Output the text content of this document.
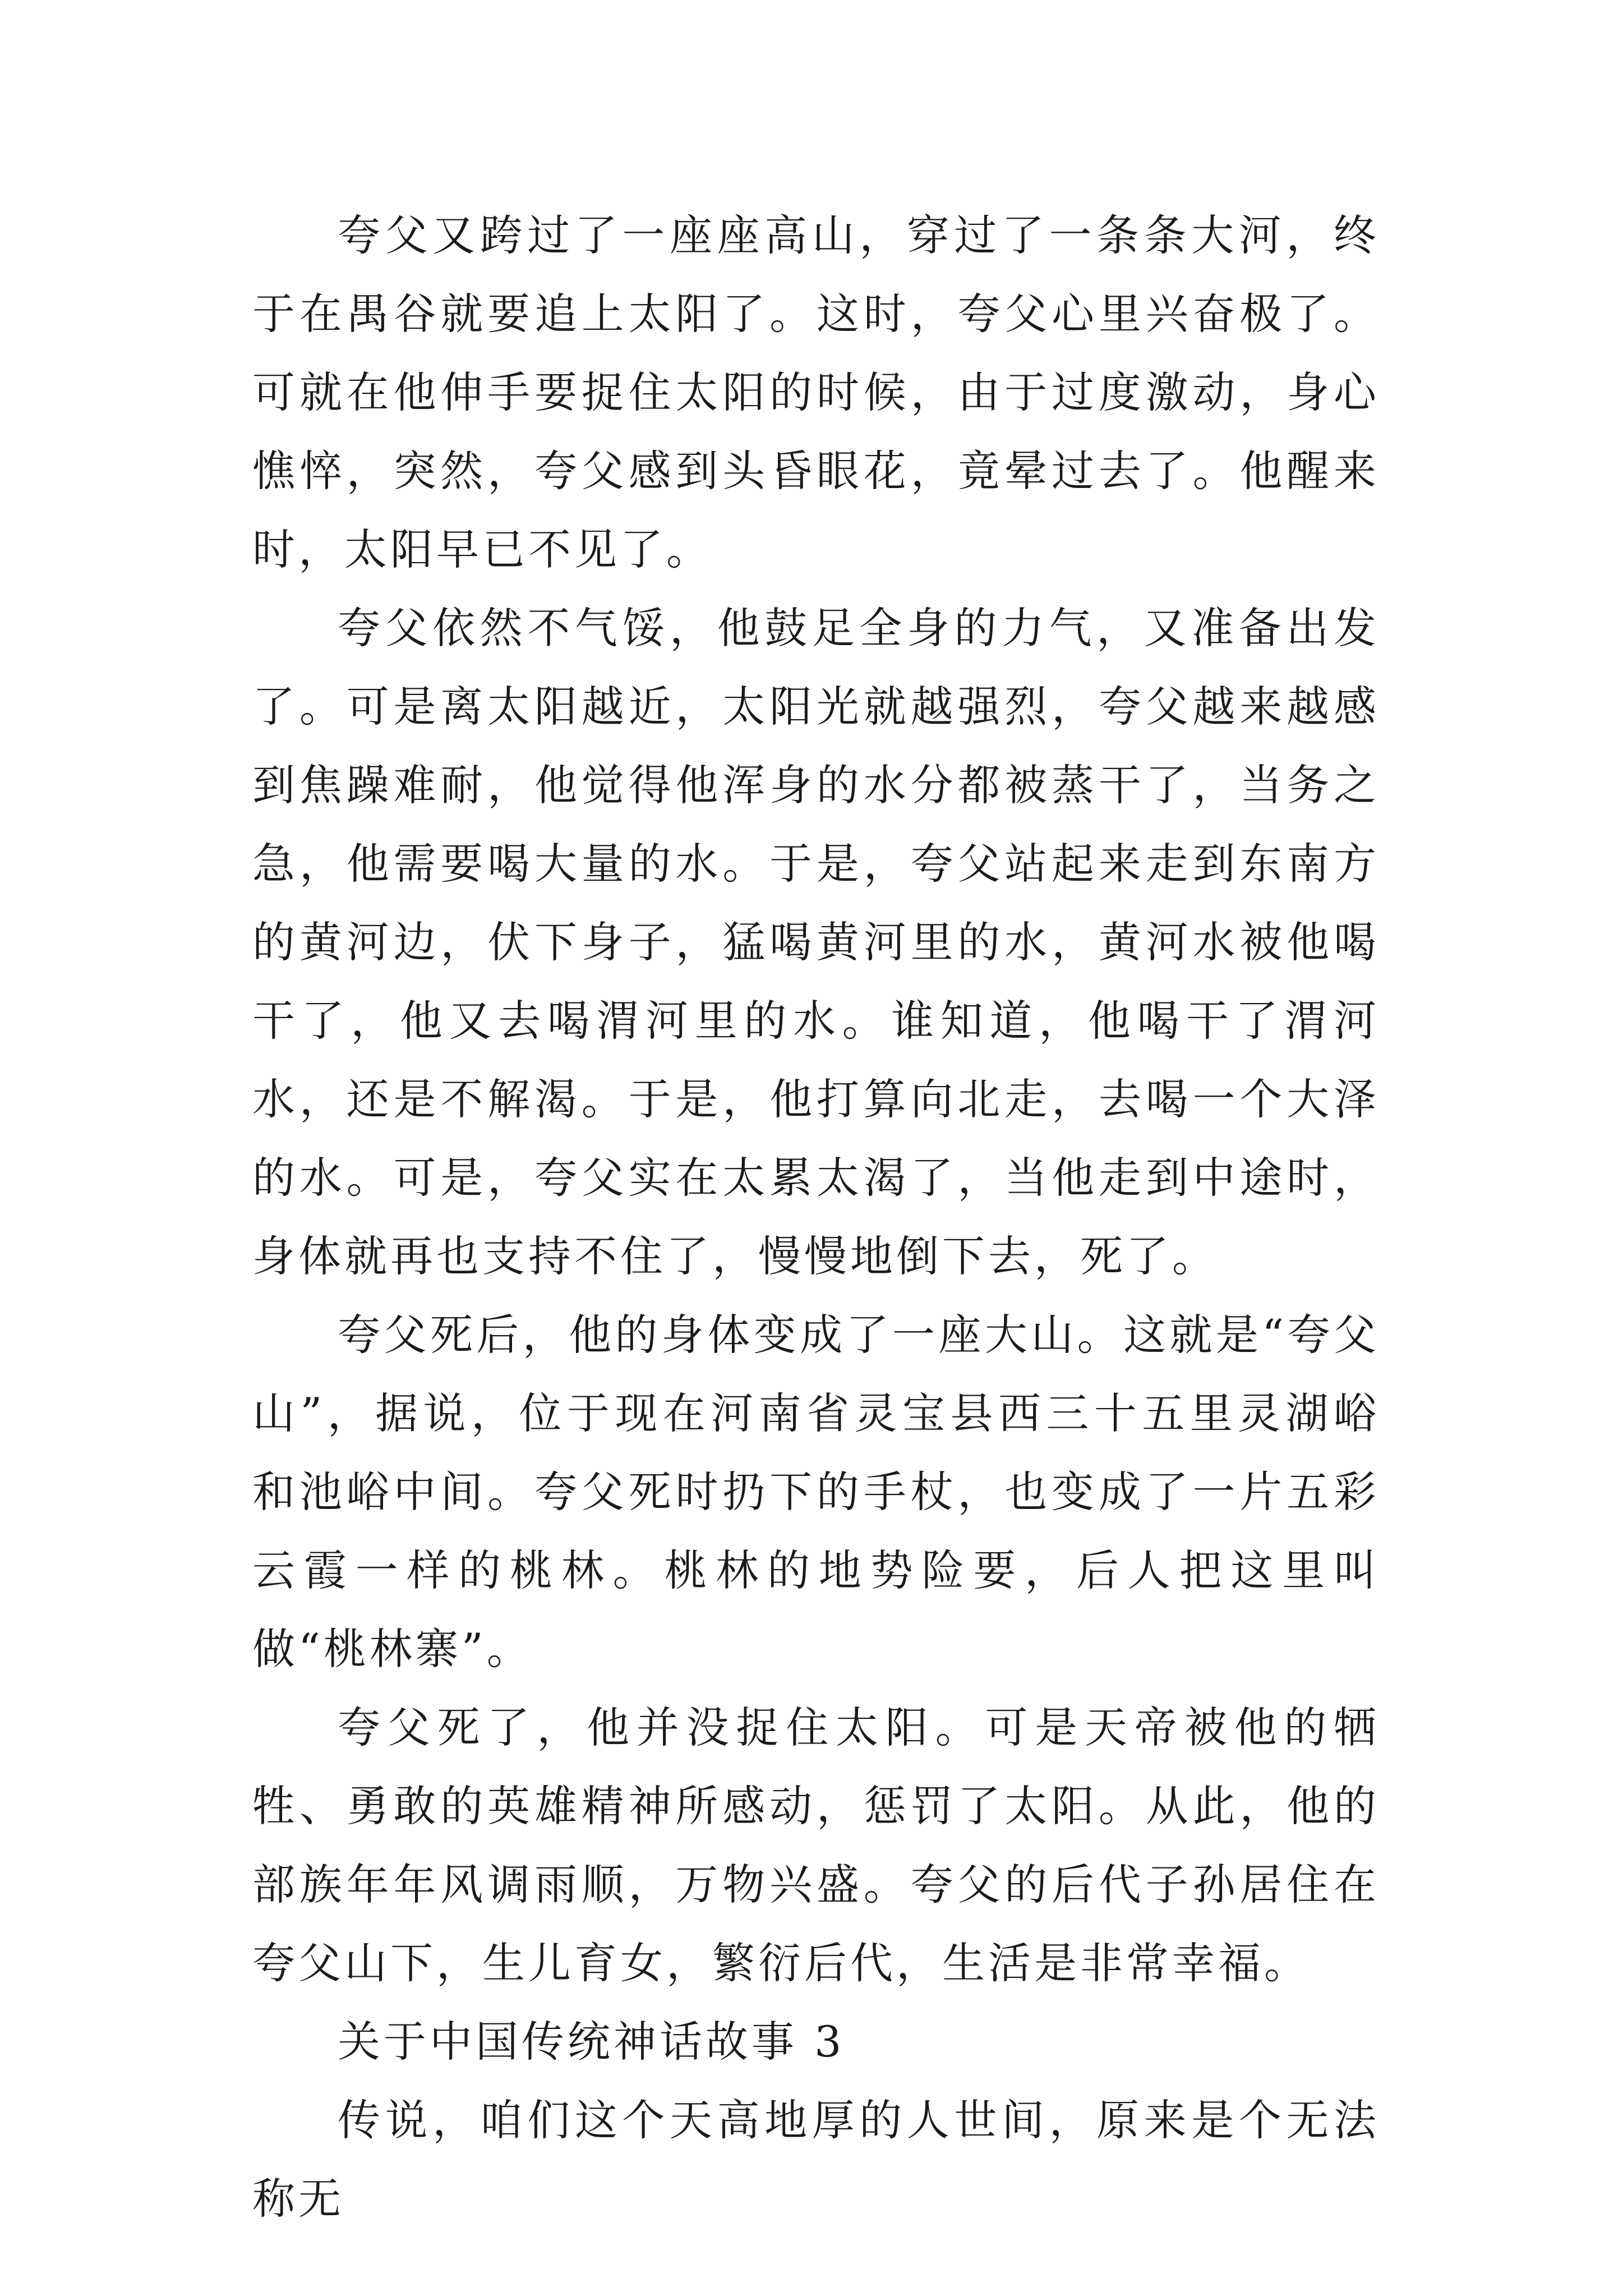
夸父又跨过了一座座高山，穿过了一条条大河，终于在禺谷就要追上太阳了。这时，夸父心里兴奋极了。可就在他伸手要捉住太阳的时候，由于过度激动，身心憔悴，突然，夸父感到头昏眼花，竟晕过去了。他醒来时，太阳早已不见了。

夸父依然不气馁，他鼓足全身的力气，又准备出发了。可是离太阳越近，太阳光就越强烈，夸父越来越感到焦躁难耐，他觉得他浑身的水分都被蒸干了，当务之急，他需要喝大量的水。于是，夸父站起来走到东南方的黄河边，伏下身子，猛喝黄河里的水，黄河水被他喝干了，他又去喝渭河里的水。谁知道，他喝干了渭河水，还是不解渴。于是，他打算向北走，去喝一个大泽的水。可是，夸父实在太累太渴了，当他走到中途时，身体就再也支持不住了，慢慢地倒下去，死了。

夸父死后，他的身体变成了一座大山。这就是“夸父山”，据说，位于现在河南省灵宝县西三十五里灵湖峪和池峪中间。夸父死时扔下的手杖，也变成了一片五彩云霞一样的桃林。桃林的地势险要，后人把这里叫做“桃林寨”。

夸父死了，他并没捉住太阳。可是天帝被他的牺牲、勇敢的英雄精神所感动，惩罚了太阳。从此，他的部族年年风调雨顺，万物兴盛。夸父的后代子孙居住在夸父山下，生儿育女，繁衍后代，生活是非常幸福。

关于中国传统神话故事 3

传说，咱们这个天高地厚的人世间，原来是个无法称无
